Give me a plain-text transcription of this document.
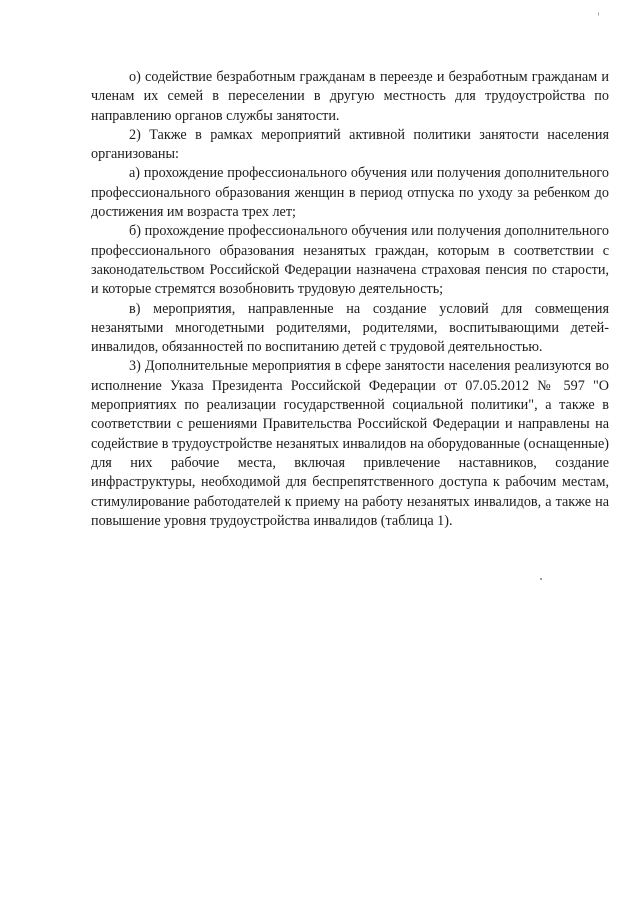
о) содействие безработным гражданам в переезде и безработным гражданам и членам их семей в переселении в другую местность для трудоустройства по направлению органов службы занятости.

2) Также в рамках мероприятий активной политики занятости населения организованы:

а) прохождение профессионального обучения или получения дополнительного профессионального образования женщин в период отпуска по уходу за ребенком до достижения им возраста трех лет;

б) прохождение профессионального обучения или получения дополнительного профессионального образования незанятых граждан, которым в соответствии с законодательством Российской Федерации назначена страховая пенсия по старости, и которые стремятся возобновить трудовую деятельность;

в) мероприятия, направленные на создание условий для совмещения незанятыми многодетными родителями, родителями, воспитывающими детей-инвалидов, обязанностей по воспитанию детей с трудовой деятельностью.

3) Дополнительные мероприятия в сфере занятости населения реализуются во исполнение Указа Президента Российской Федерации от 07.05.2012 № 597 "О мероприятиях по реализации государственной социальной политики", а также в соответствии с решениями Правительства Российской Федерации и направлены на содействие в трудоустройстве незанятых инвалидов на оборудованные (оснащенные) для них рабочие места, включая привлечение наставников, создание инфраструктуры, необходимой для беспрепятственного доступа к рабочим местам, стимулирование работодателей к приему на работу незанятых инвалидов, а также на повышение уровня трудоустройства инвалидов (таблица 1).
